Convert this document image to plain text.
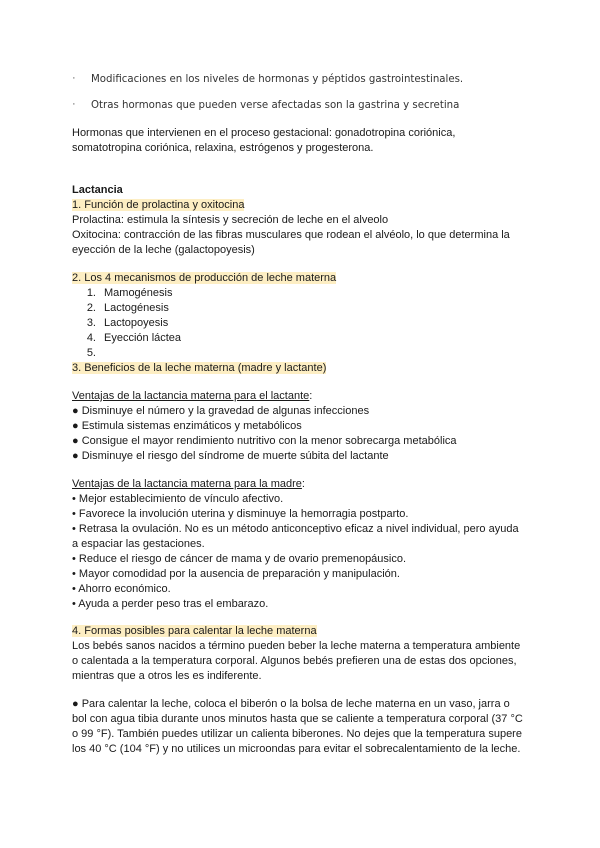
· Modificaciones en los niveles de hormonas y péptidos gastrointestinales.
· Otras hormonas que pueden verse afectadas son la gastrina y secretina
Hormonas que intervienen en el proceso gestacional: gonadotropina coriónica,
somatotropina coriónica, relaxina, estrógenos y progesterona.
Lactancia
1. Función de prolactina y oxitocina
Prolactina: estimula la síntesis y secreción de leche en el alveolo
Oxitocina: contracción de las fibras musculares que rodean el alvéolo, lo que determina la
eyección de la leche (galactopoyesis)
2. Los 4 mecanismos de producción de leche materna
1. Mamogénesis
2. Lactogénesis
3. Lactopoyesis
4. Eyección láctea
5.
3. Beneficios de la leche materna (madre y lactante)
Ventajas de la lactancia materna para el lactante:
● Disminuye el número y la gravedad de algunas infecciones
● Estimula sistemas enzimáticos y metabólicos
● Consigue el mayor rendimiento nutritivo con la menor sobrecarga metabólica
● Disminuye el riesgo del síndrome de muerte súbita del lactante
Ventajas de la lactancia materna para la madre:
• Mejor establecimiento de vínculo afectivo.
• Favorece la involución uterina y disminuye la hemorragia postparto.
• Retrasa la ovulación. No es un método anticonceptivo eficaz a nivel individual, pero ayuda
a espaciar las gestaciones.
• Reduce el riesgo de cáncer de mama y de ovario premenopáusico.
• Mayor comodidad por la ausencia de preparación y manipulación.
• Ahorro económico.
• Ayuda a perder peso tras el embarazo.
4. Formas posibles para calentar la leche materna
Los bebés sanos nacidos a término pueden beber la leche materna a temperatura ambiente
o calentada a la temperatura corporal. Algunos bebés prefieren una de estas dos opciones,
mientras que a otros les es indiferente.
● Para calentar la leche, coloca el biberón o la bolsa de leche materna en un vaso, jarra o
bol con agua tibia durante unos minutos hasta que se caliente a temperatura corporal (37 °C
o 99 °F). También puedes utilizar un calienta biberones. No dejes que la temperatura supere
los 40 °C (104 °F) y no utilices un microondas para evitar el sobrecalentamiento de la leche.
